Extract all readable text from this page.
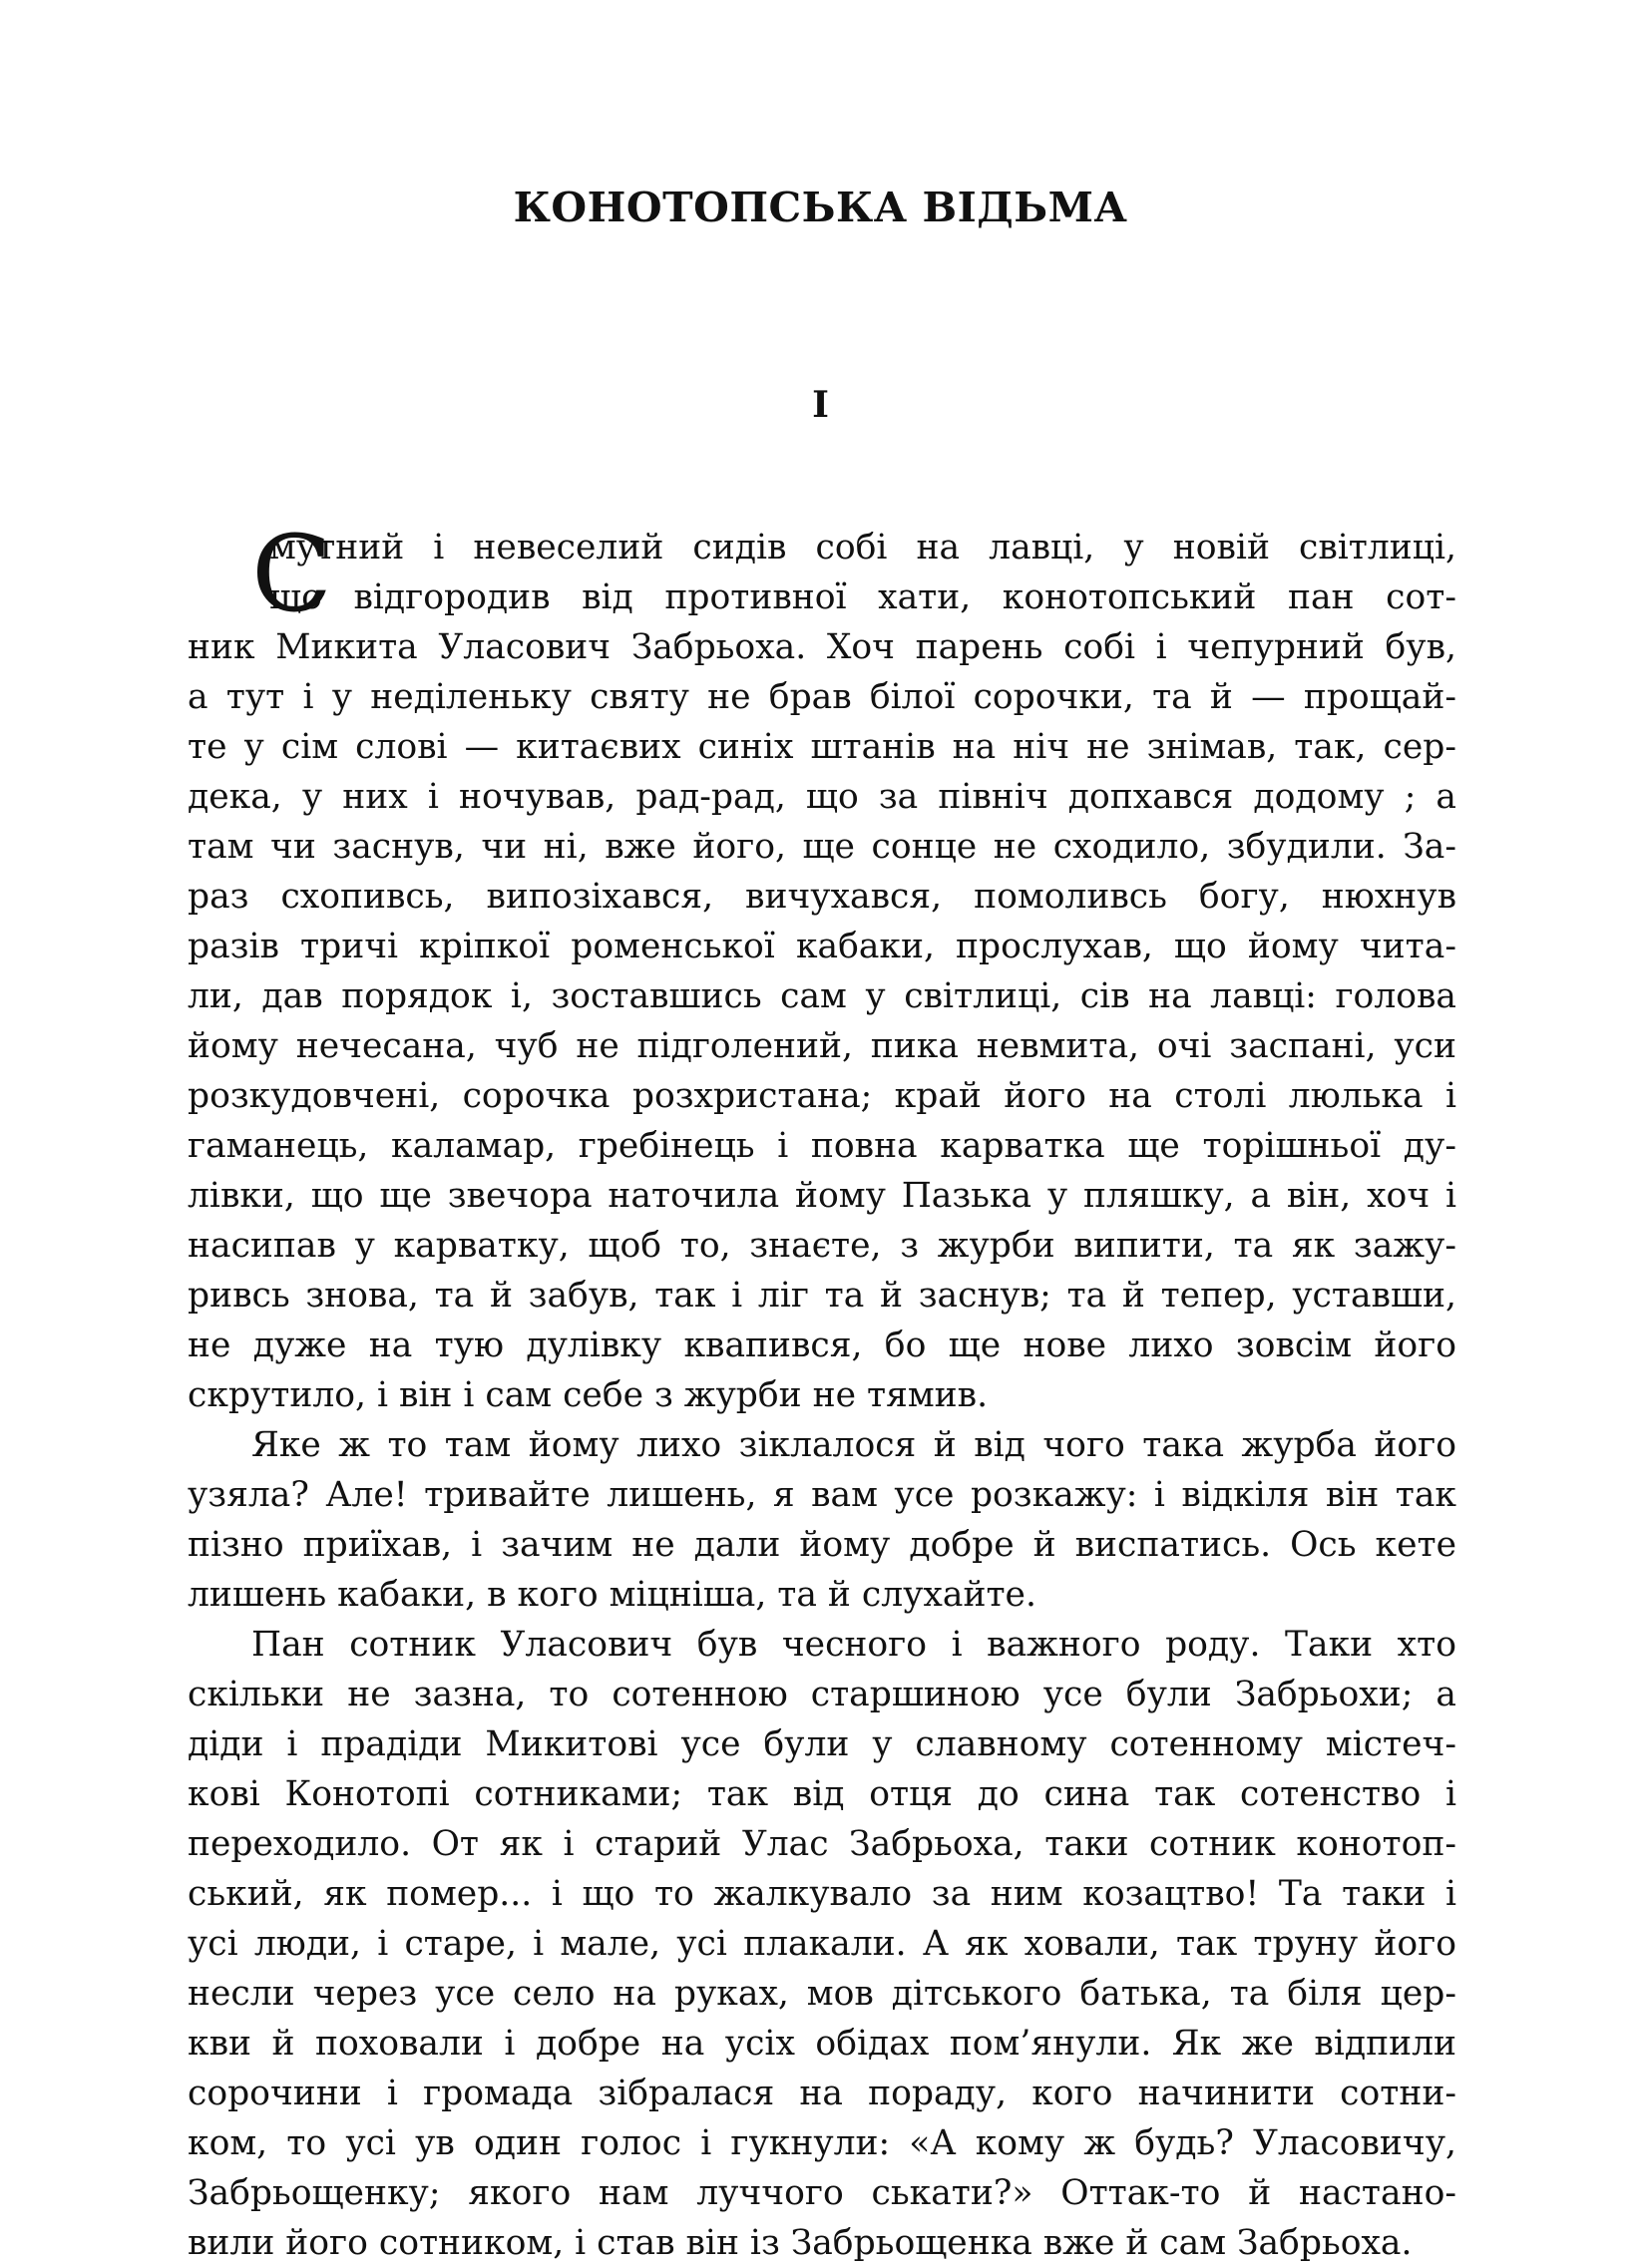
КОНОТОПСЬКА ВІДЬМА
I
С
мутний і невеселий сидів собі на лавці, у новій світлиці,
що відгородив від противної хати, конотопський пан сот-
ник Микита Уласович Забрьоха. Хоч парень собі і чепурний був,
а тут і у неділеньку святу не брав білої сорочки, та й — прощай-
те у сім слові — китаєвих синіх штанів на ніч не знімав, так, сер-
дека, у них і ночував, рад-рад, що за північ допхався додому ; а
там чи заснув, чи ні, вже його, ще сонце не сходило, збудили. За-
раз схопивсь, випозіхався, вичухався, помоливсь богу, нюхнув
разів тричі кріпкої роменської кабаки, прослухав, що йому чита-
ли, дав порядок і, зоставшись сам у світлиці, сів на лавці: голова
йому нечесана, чуб не підголений, пика невмита, очі заспані, уси
розкудовчені, сорочка розхристана; край його на столі люлька і
гаманець, каламар, гребінець і повна карватка ще торішньої ду-
лівки, що ще звечора наточила йому Пазька у пляшку, а він, хоч і
насипав у карватку, щоб то, знаєте, з журби випити, та як зажу-
ривсь знова, та й забув, так і ліг та й заснув; та й тепер, уставши,
не дуже на тую дулівку квапився, бо ще нове лихо зовсім його
скрутило, і він і сам себе з журби не тямив.
Яке ж то там йому лихо зіклалося й від чого така журба його
узяла? Але! тривайте лишень, я вам усе розкажу: і відкіля він так
пізно приїхав, і зачим не дали йому добре й виспатись. Ось кете
лишень кабаки, в кого міцніша, та й слухайте.
Пан сотник Уласович був чесного і важного роду. Таки хто
скільки не зазна, то сотенною старшиною усе були Забрьохи; а
діди і прадіди Микитові усе були у славному сотенному містеч-
кові Конотопі сотниками; так від отця до сина так сотенство і
переходило. От як і старий Улас Забрьоха, таки сотник конотоп-
ський, як помер... і що то жалкувало за ним козацтво! Та таки і
усі люди, і старе, і мале, усі плакали. А як ховали, так труну його
несли через усе село на руках, мов дітського батька, та біля цер-
кви й поховали і добре на усіх обідах пом’янули. Як же відпили
сорочини і громада зібралася на пораду, кого начинити сотни-
ком, то усі ув один голос і гукнули: «А кому ж будь? Уласовичу,
Забрьощенку; якого нам луччого ськати?» Оттак-то й настано-
вили його сотником, і став він із Забрьощенка вже й сам Забрьоха.
